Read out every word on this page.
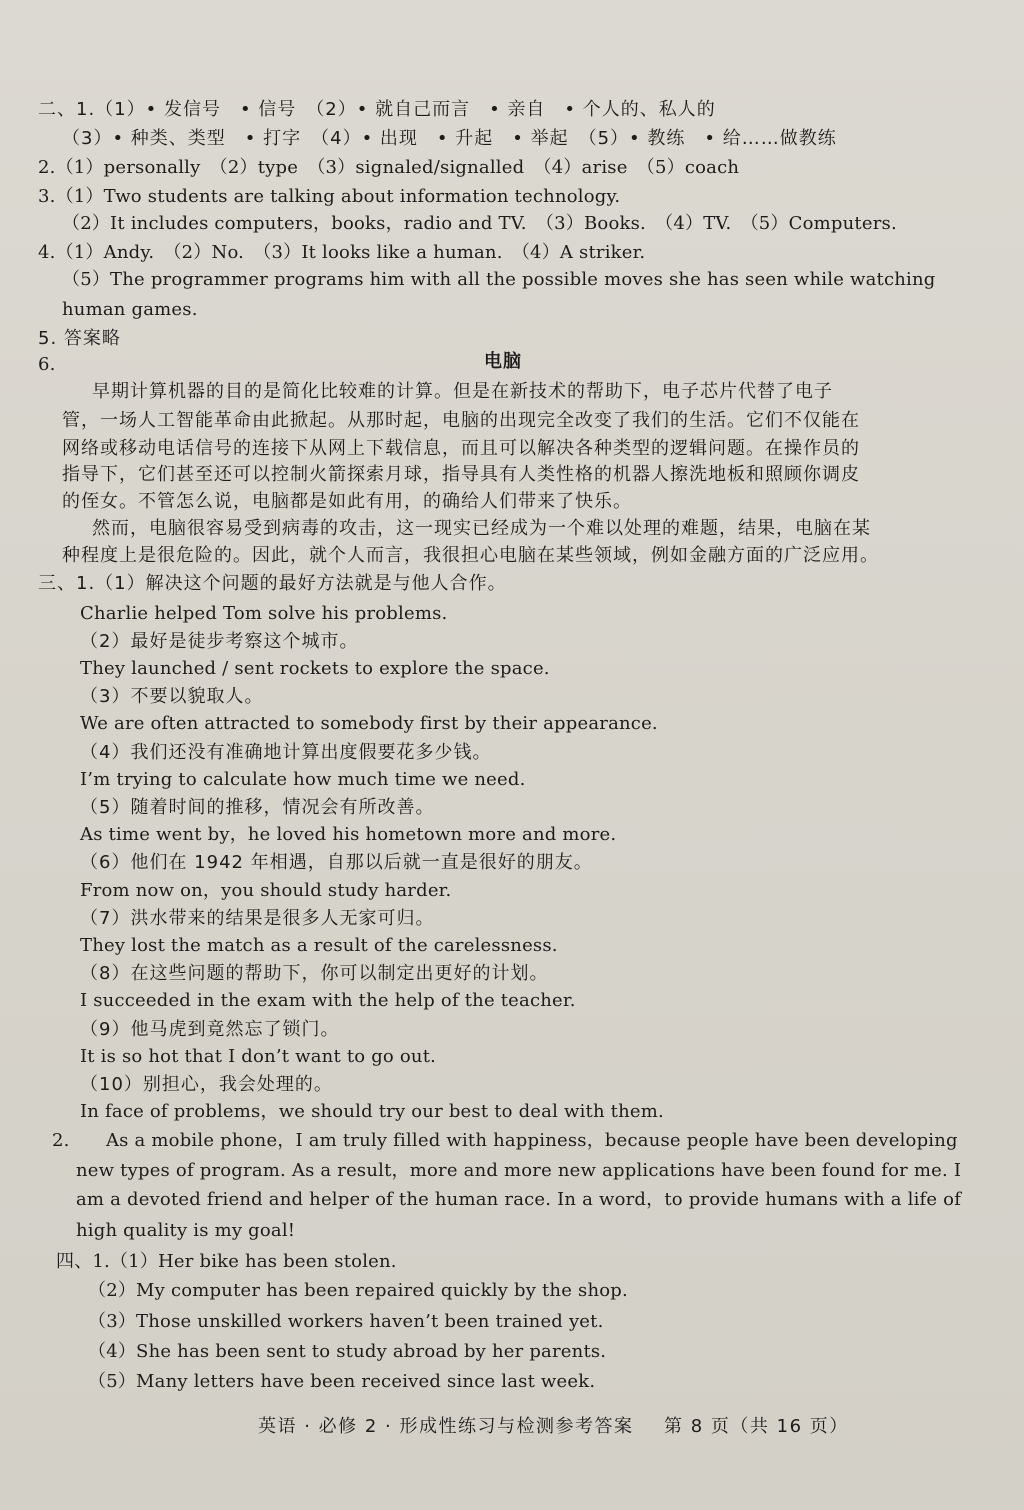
二、1.（1）• 发信号　• 信号　（2）• 就自己而言　• 亲自　• 个人的、私人的
（3）• 种类、类型　• 打字　（4）• 出现　• 升起　• 举起　（5）• 教练　• 给……做教练
2.（1）personally　（2）type　（3）signaled/signalled　（4）arise　（5）coach
3.（1）Two students are talking about information technology.
（2）It includes computers，books，radio and TV.　（3）Books.　（4）TV.　（5）Computers.
4.（1）Andy.　（2）No.　（3）It looks like a human.　（4）A striker.
（5）The programmer programs him with all the possible moves she has seen while watching
human games.
5. 答案略
6.	电脑
早期计算机器的目的是简化比较难的计算。但是在新技术的帮助下，电子芯片代替了电子
管，一场人工智能革命由此掀起。从那时起，电脑的出现完全改变了我们的生活。它们不仅能在
网络或移动电话信号的连接下从网上下载信息，而且可以解决各种类型的逻辑问题。在操作员的
指导下，它们甚至还可以控制火箭探索月球，指导具有人类性格的机器人擦洗地板和照顾你调皮
的侄女。不管怎么说，电脑都是如此有用，的确给人们带来了快乐。
然而，电脑很容易受到病毒的攻击，这一现实已经成为一个难以处理的难题，结果，电脑在某
种程度上是很危险的。因此，就个人而言，我很担心电脑在某些领域，例如金融方面的广泛应用。
三、1.（1）解决这个问题的最好方法就是与他人合作。
Charlie helped Tom solve his problems.
（2）最好是徒步考察这个城市。
They launched / sent rockets to explore the space.
（3）不要以貌取人。
We are often attracted to somebody first by their appearance.
（4）我们还没有准确地计算出度假要花多少钱。
I’m trying to calculate how much time we need.
（5）随着时间的推移，情况会有所改善。
As time went by，he loved his hometown more and more.
（6）他们在 1942 年相遇，自那以后就一直是很好的朋友。
From now on，you should study harder.
（7）洪水带来的结果是很多人无家可归。
They lost the match as a result of the carelessness.
（8）在这些问题的帮助下，你可以制定出更好的计划。
I succeeded in the exam with the help of the teacher.
（9）他马虎到竟然忘了锁门。
It is so hot that I don’t want to go out.
（10）别担心，我会处理的。
In face of problems，we should try our best to deal with them.
2.　　As a mobile phone，I am truly filled with happiness，because people have been developing
new types of program. As a result，more and more new applications have been found for me. I
am a devoted friend and helper of the human race. In a word，to provide humans with a life of
high quality is my goal!
四、1.（1）Her bike has been stolen.
（2）My computer has been repaired quickly by the shop.
（3）Those unskilled workers haven’t been trained yet.
（4）She has been sent to study abroad by her parents.
（5）Many letters have been received since last week.
英语 · 必修 2 · 形成性练习与检测参考答案 第 8 页（共 16 页）
